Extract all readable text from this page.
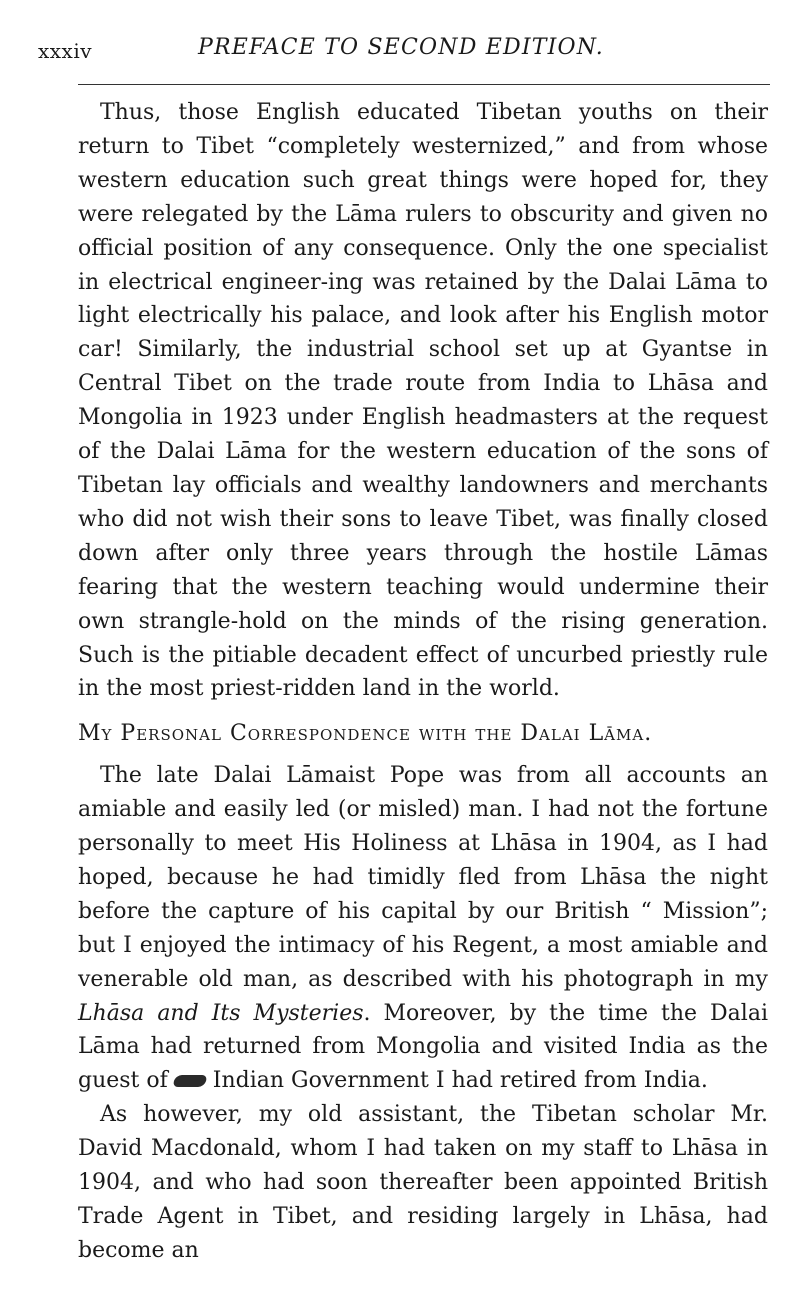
xxxiv	PREFACE TO SECOND EDITION.

Thus, those English educated Tibetan youths on their return to Tibet “completely westernized,” and from whose western education such great things were hoped for, they were relegated by the Lāma rulers to obscurity and given no official position of any consequence. Only the one specialist in electrical engineer-ing was retained by the Dalai Lāma to light electrically his palace, and look after his English motor car! Similarly, the industrial school set up at Gyantse in Central Tibet on the trade route from India to Lhāsa and Mongolia in 1923 under English headmasters at the request of the Dalai Lāma for the western education of the sons of Tibetan lay officials and wealthy landowners and merchants who did not wish their sons to leave Tibet, was finally closed down after only three years through the hostile Lāmas fearing that the western teaching would undermine their own strangle-hold on the minds of the rising generation. Such is the pitiable decadent effect of uncurbed priestly rule in the most priest-ridden land in the world.

My Personal Correspondence with the Dalai Lāma.

The late Dalai Lāmaist Pope was from all accounts an amiable and easily led (or misled) man. I had not the fortune personally to meet His Holiness at Lhāsa in 1904, as I had hoped, because he had timidly fled from Lhāsa the night before the capture of his capital by our British “ Mission”; but I enjoyed the intimacy of his Regent, a most amiable and venerable old man, as described with his photograph in my Lhāsa and Its Mysteries. Moreover, by the time the Dalai Lāma had returned from Mongolia and visited India as the guest of Indian Government I had retired from India.

As however, my old assistant, the Tibetan scholar Mr. David Macdonald, whom I had taken on my staff to Lhāsa in 1904, and who had soon thereafter been appointed British Trade Agent in Tibet, and residing largely in Lhāsa, had become an
